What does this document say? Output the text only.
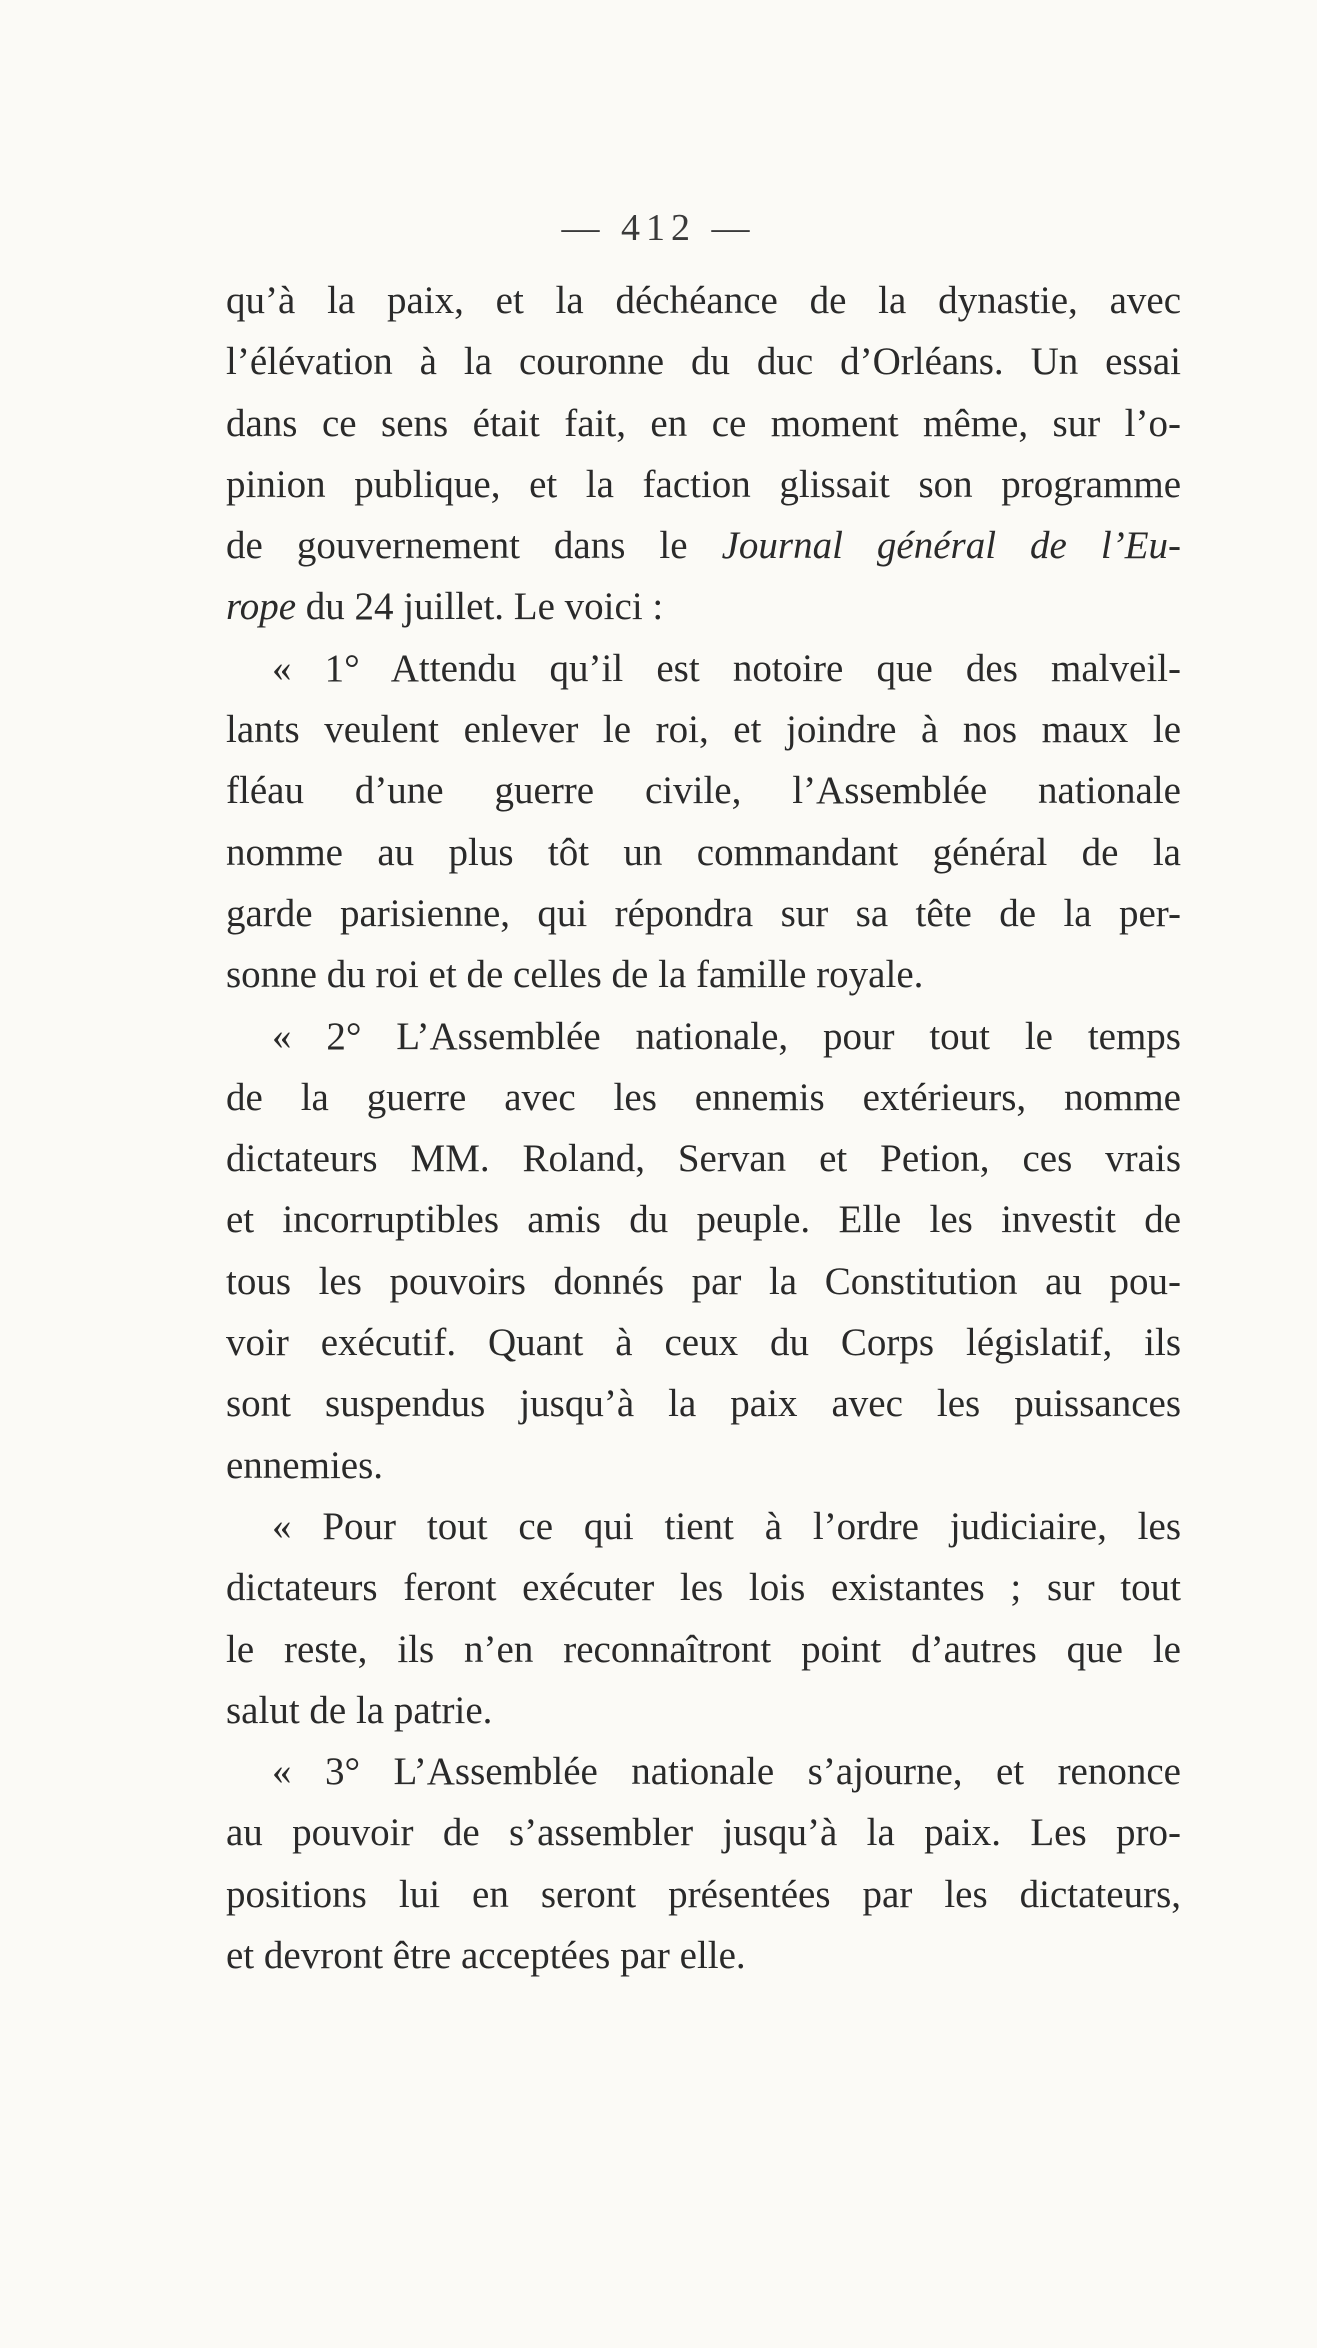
— 412 —
qu’à la paix, et la déchéance de la dynastie, avec
l’élévation à la couronne du duc d’Orléans. Un essai
dans ce sens était fait, en ce moment même, sur l’o-
pinion publique, et la faction glissait son programme
de gouvernement dans le Journal général de l’Eu-
rope du 24 juillet. Le voici :
« 1° Attendu qu’il est notoire que des malveil-
lants veulent enlever le roi, et joindre à nos maux le
fléau d’une guerre civile, l’Assemblée nationale
nomme au plus tôt un commandant général de la
garde parisienne, qui répondra sur sa tête de la per-
sonne du roi et de celles de la famille royale.
« 2° L’Assemblée nationale, pour tout le temps
de la guerre avec les ennemis extérieurs, nomme
dictateurs MM. Roland, Servan et Petion, ces vrais
et incorruptibles amis du peuple. Elle les investit de
tous les pouvoirs donnés par la Constitution au pou-
voir exécutif. Quant à ceux du Corps législatif, ils
sont suspendus jusqu’à la paix avec les puissances
ennemies.
« Pour tout ce qui tient à l’ordre judiciaire, les
dictateurs feront exécuter les lois existantes ; sur tout
le reste, ils n’en reconnaîtront point d’autres que le
salut de la patrie.
« 3° L’Assemblée nationale s’ajourne, et renonce
au pouvoir de s’assembler jusqu’à la paix. Les pro-
positions lui en seront présentées par les dictateurs,
et devront être acceptées par elle.
